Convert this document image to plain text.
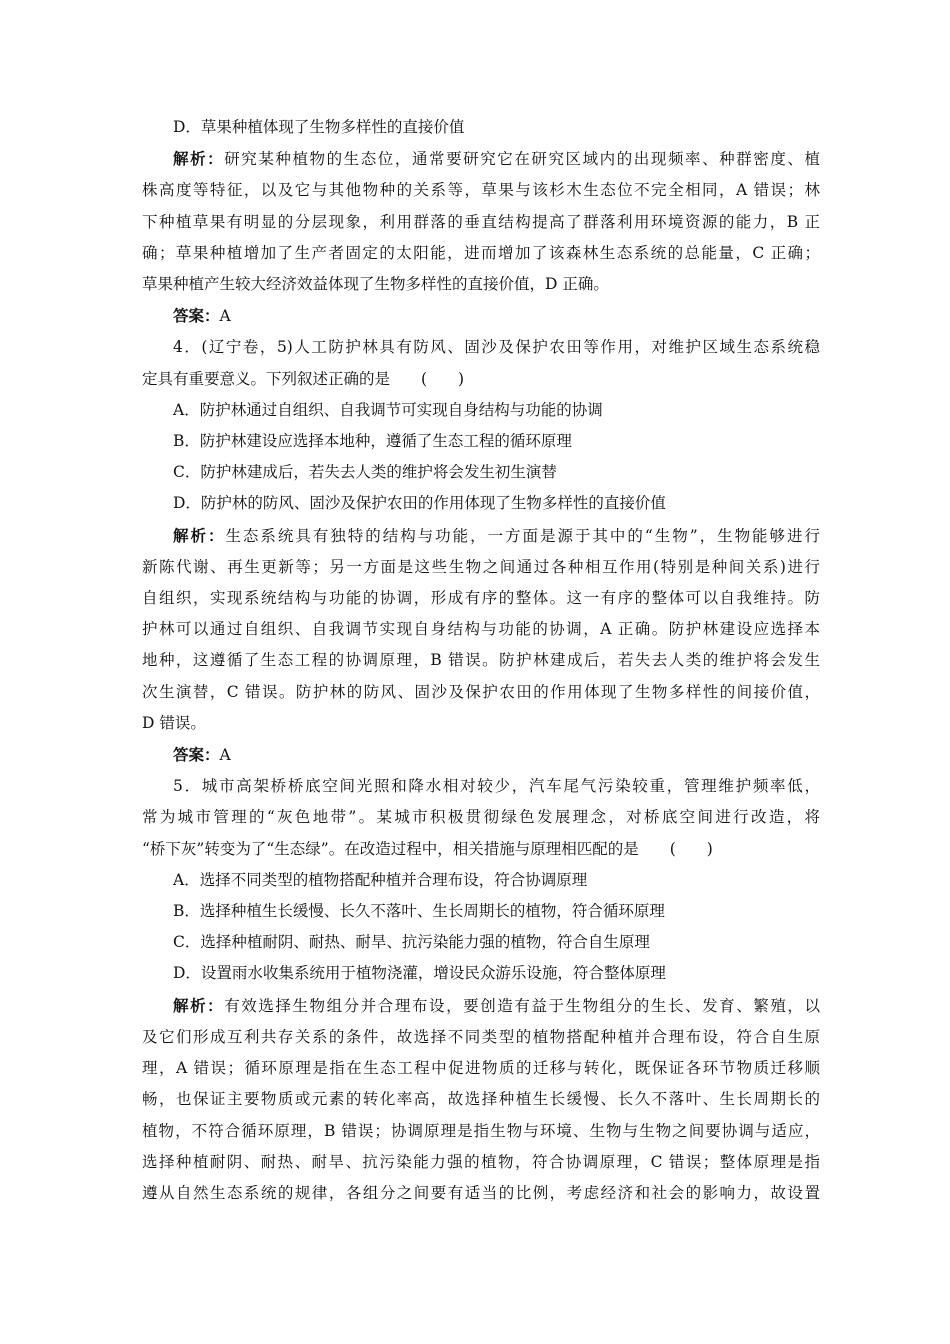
D．草果种植体现了生物多样性的直接价值
解析：研究某种植物的生态位，通常要研究它在研究区域内的出现频率、种群密度、植
株高度等特征，以及它与其他物种的关系等，草果与该杉木生态位不完全相同，A 错误；林
下种植草果有明显的分层现象，利用群落的垂直结构提高了群落利用环境资源的能力，B 正
确；草果种植增加了生产者固定的太阳能，进而增加了该森林生态系统的总能量，C 正确；
草果种植产生较大经济效益体现了生物多样性的直接价值，D 正确。
答案：A
4．(辽宁卷，5)人工防护林具有防风、固沙及保护农田等作用，对维护区域生态系统稳
定具有重要意义。下列叙述正确的是　　(　　)
A．防护林通过自组织、自我调节可实现自身结构与功能的协调
B．防护林建设应选择本地种，遵循了生态工程的循环原理
C．防护林建成后，若失去人类的维护将会发生初生演替
D．防护林的防风、固沙及保护农田的作用体现了生物多样性的直接价值
解析：生态系统具有独特的结构与功能，一方面是源于其中的“生物”，生物能够进行
新陈代谢、再生更新等；另一方面是这些生物之间通过各种相互作用(特别是种间关系)进行
自组织，实现系统结构与功能的协调，形成有序的整体。这一有序的整体可以自我维持。防
护林可以通过自组织、自我调节实现自身结构与功能的协调，A 正确。防护林建设应选择本
地种，这遵循了生态工程的协调原理，B 错误。防护林建成后，若失去人类的维护将会发生
次生演替，C 错误。防护林的防风、固沙及保护农田的作用体现了生物多样性的间接价值，
D 错误。
答案：A
5．城市高架桥桥底空间光照和降水相对较少，汽车尾气污染较重，管理维护频率低，
常为城市管理的“灰色地带”。某城市积极贯彻绿色发展理念，对桥底空间进行改造，将
“桥下灰”转变为了“生态绿”。在改造过程中，相关措施与原理相匹配的是　　(　　)
A．选择不同类型的植物搭配种植并合理布设，符合协调原理
B．选择种植生长缓慢、长久不落叶、生长周期长的植物，符合循环原理
C．选择种植耐阴、耐热、耐旱、抗污染能力强的植物，符合自生原理
D．设置雨水收集系统用于植物浇灌，增设民众游乐设施，符合整体原理
解析：有效选择生物组分并合理布设，要创造有益于生物组分的生长、发育、繁殖，以
及它们形成互利共存关系的条件，故选择不同类型的植物搭配种植并合理布设，符合自生原
理，A 错误；循环原理是指在生态工程中促进物质的迁移与转化，既保证各环节物质迁移顺
畅，也保证主要物质或元素的转化率高，故选择种植生长缓慢、长久不落叶、生长周期长的
植物，不符合循环原理，B 错误；协调原理是指生物与环境、生物与生物之间要协调与适应，
选择种植耐阴、耐热、耐旱、抗污染能力强的植物，符合协调原理，C 错误；整体原理是指
遵从自然生态系统的规律，各组分之间要有适当的比例，考虑经济和社会的影响力，故设置
